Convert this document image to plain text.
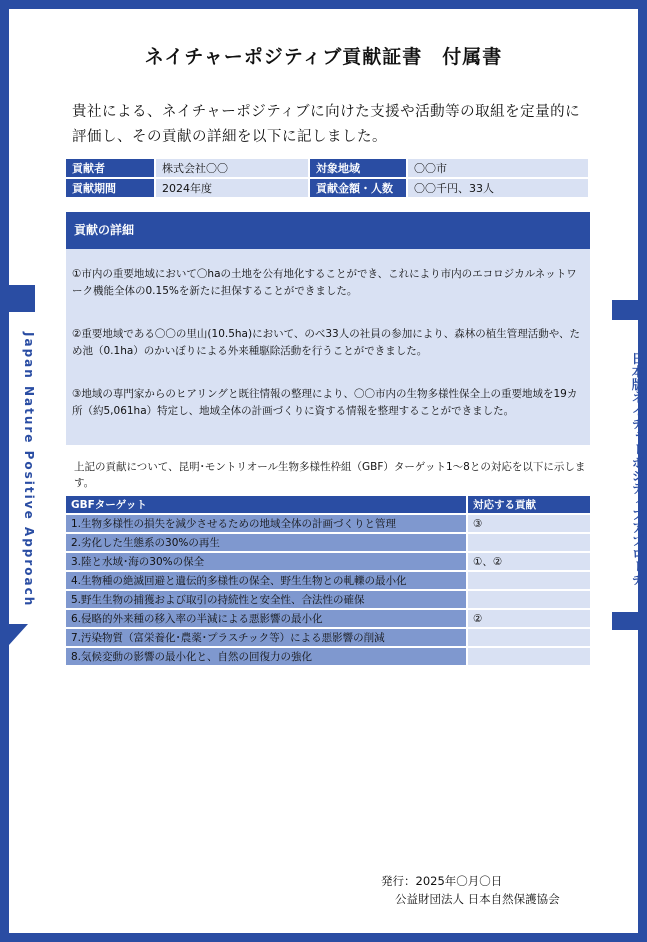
Japan Nature Positive Approach	日本版ネイチャーポジティブアプローチ
ネイチャーポジティブ貢献証書　付属書
貴社による、ネイチャーポジティブに向けた支援や活動等の取組を定量的に評価し、その貢献の詳細を以下に記しました。
貢献者	株式会社〇〇	対象地域	〇〇市
貢献期間	2024年度	貢献金額・人数	〇〇千円、33人
貢献の詳細

①市内の重要地域において〇haの土地を公有地化することができ、これにより市内のエコロジカルネットワーク機能全体の0.15%を新たに担保することができました。

②重要地域である〇〇の里山(10.5ha)において、のべ33人の社員の参加により、森林の植生管理活動や、ため池（0.1ha）のかいぼりによる外来種駆除活動を行うことができました。

③地域の専門家からのヒアリングと既往情報の整理により、〇〇市内の生物多様性保全上の重要地域を19カ所（約5,061ha）特定し、地域全体の計画づくりに資する情報を整理することができました。

上記の貢献について、昆明･モントリオール生物多様性枠組（GBF）ターゲット1～8との対応を以下に示します。
GBFターゲット	対応する貢献
1.生物多様性の損失を減少させるための地域全体の計画づくりと管理	③
2.劣化した生態系の30%の再生	
3.陸と水域･海の30%の保全	①、②
4.生物種の絶滅回避と遺伝的多様性の保全、野生生物との軋轢の最小化	
5.野生生物の捕獲および取引の持続性と安全性、合法性の確保	
6.侵略的外来種の移入率の半減による悪影響の最小化	②
7.汚染物質（富栄養化･農薬･プラスチック等）による悪影響の削減	
8.気候変動の影響の最小化と、自然の回復力の強化	
発行：2025年〇月〇日
公益財団法人 日本自然保護協会
